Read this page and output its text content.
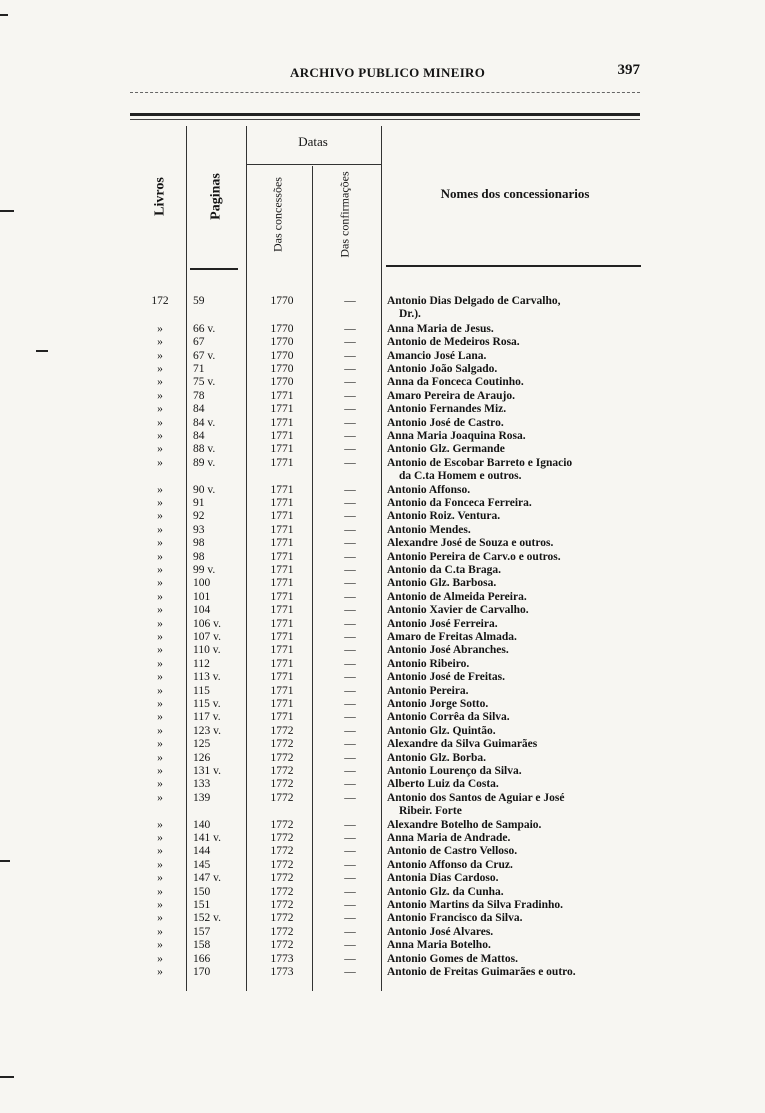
ARCHIVO PUBLICO MINEIRO	397
Livros	Paginas
Datas
Das concessões	Das confirmações	Nomes dos concessionarios
172	59	1770	—	Antonio Dias Delgado de Carvalho,
Dr.).
»	66 v.	1770	—	Anna Maria de Jesus.
»	67	1770	—	Antonio de Medeiros Rosa.
»	67 v.	1770	—	Amancio José Lana.
»	71	1770	—	Antonio João Salgado.
»	75 v.	1770	—	Anna da Fonceca Coutinho.
»	78	1771	—	Amaro Pereira de Araujo.
»	84	1771	—	Antonio Fernandes Miz.
»	84 v.	1771	—	Antonio José de Castro.
»	84	1771	—	Anna Maria Joaquina Rosa.
»	88 v.	1771	—	Antonio Glz. Germande
»	89 v.	1771	—	Antonio de Escobar Barreto e Ignacio
da C.ta Homem e outros.
»	90 v.	1771	—	Antonio Affonso.
»	91	1771	—	Antonio da Fonceca Ferreira.
»	92	1771	—	Antonio Roiz. Ventura.
»	93	1771	—	Antonio Mendes.
»	98	1771	—	Alexandre José de Souza e outros.
»	98	1771	—	Antonio Pereira de Carv.o e outros.
»	99 v.	1771	—	Antonio da C.ta Braga.
»	100	1771	—	Antonio Glz. Barbosa.
»	101	1771	—	Antonio de Almeida Pereira.
»	104	1771	—	Antonio Xavier de Carvalho.
»	106 v.	1771	—	Antonio José Ferreira.
»	107 v.	1771	—	Amaro de Freitas Almada.
»	110 v.	1771	—	Antonio José Abranches.
»	112	1771	—	Antonio Ribeiro.
»	113 v.	1771	—	Antonio José de Freitas.
»	115	1771	—	Antonio Pereira.
»	115 v.	1771	—	Antonio Jorge Sotto.
»	117 v.	1771	—	Antonio Corrêa da Silva.
»	123 v.	1772	—	Antonio Glz. Quintão.
»	125	1772	—	Alexandre da Silva Guimarães
»	126	1772	—	Antonio Glz. Borba.
»	131 v.	1772	—	Antonio Lourenço da Silva.
»	133	1772	—	Alberto Luiz da Costa.
»	139	1772	—	Antonio dos Santos de Aguiar e José
Ribeir. Forte
»	140	1772	—	Alexandre Botelho de Sampaio.
»	141 v.	1772	—	Anna Maria de Andrade.
»	144	1772	—	Antonio de Castro Velloso.
»	145	1772	—	Antonio Affonso da Cruz.
»	147 v.	1772	—	Antonia Dias Cardoso.
»	150	1772	—	Antonio Glz. da Cunha.
»	151	1772	—	Antonio Martins da Silva Fradinho.
»	152 v.	1772	—	Antonio Francisco da Silva.
»	157	1772	—	Antonio José Alvares.
»	158	1772	—	Anna Maria Botelho.
»	166	1773	—	Antonio Gomes de Mattos.
»	170	1773	—	Antonio de Freitas Guimarães e outro.
